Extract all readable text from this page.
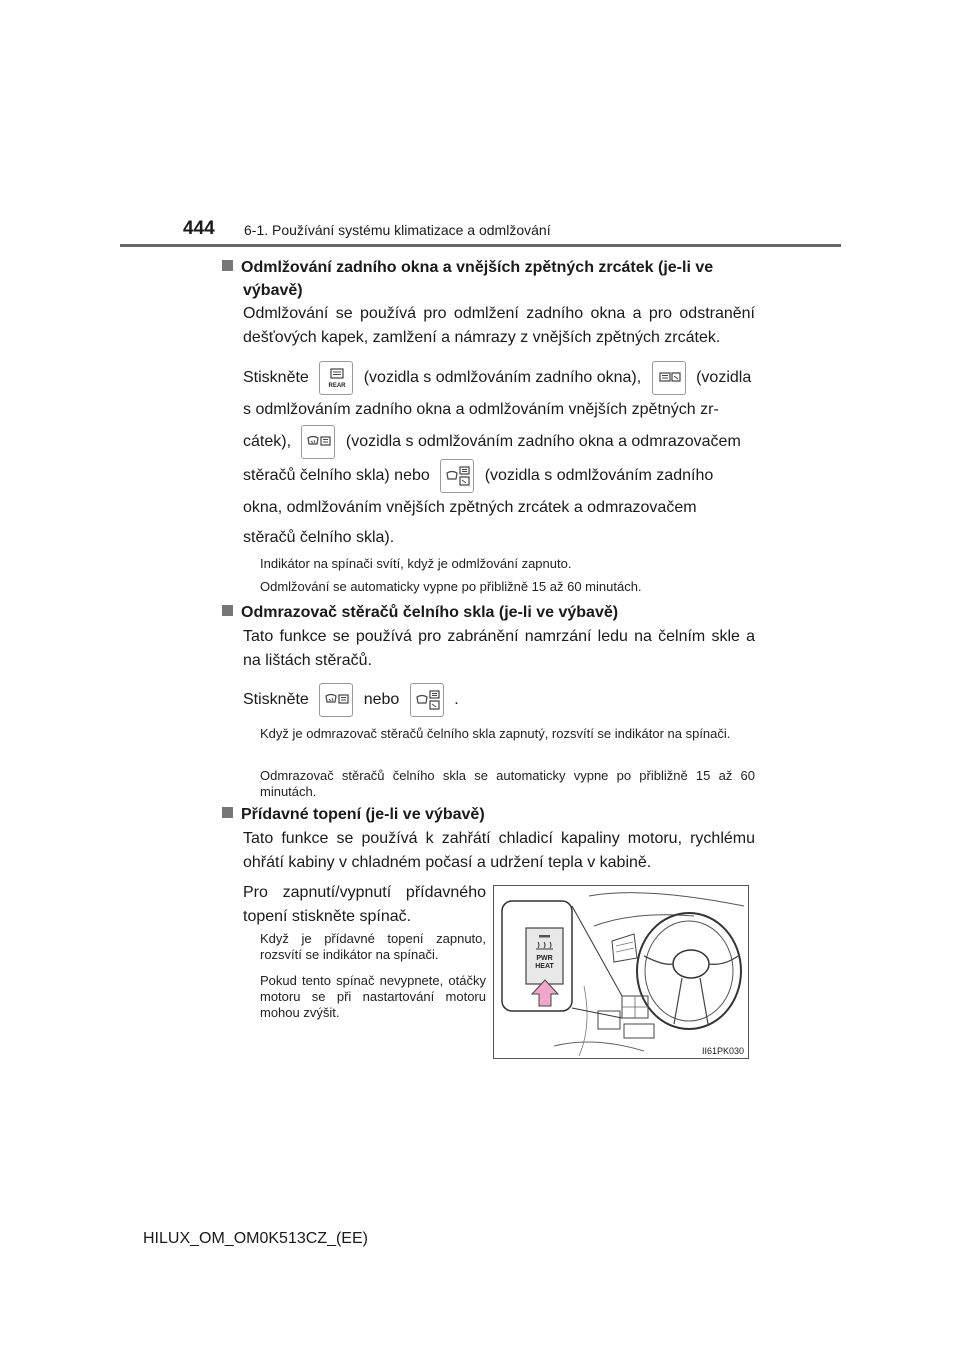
444 6-1. Používání systému klimatizace a odmlžování
Odmlžování zadního okna a vnějších zpětných zrcátek (je-li ve
výbavě)
Odmlžování se používá pro odmlžení zadního okna a pro odstranění dešťových kapek, zamlžení a námrazy z vnějších zpětných zrcátek.
Stiskněte	REAR (vozidla s odmlžováním zadního okna),	(vozidla
s odmlžováním zadního okna a odmlžováním vnějších zpětných zr-
cátek),	(vozidla s odmlžováním zadního okna a odmrazovačem
stěračů čelního skla) nebo	(vozidla s odmlžováním zadního
okna, odmlžováním vnějších zpětných zrcátek a odmrazovačem
stěračů čelního skla).
Indikátor na spínači svítí, když je odmlžování zapnuto.
Odmlžování se automaticky vypne po přibližně 15 až 60 minutách.
Odmrazovač stěračů čelního skla (je-li ve výbavě)
Tato funkce se používá pro zabránění namrzání ledu na čelním skle a na lištách stěračů.
Stiskněte	nebo	.
Když je odmrazovač stěračů čelního skla zapnutý, rozsvítí se indikátor na spínači.
Odmrazovač stěračů čelního skla se automaticky vypne po přibližně 15 až 60 minutách.
Přídavné topení (je-li ve výbavě)
Tato funkce se používá k zahřátí chladicí kapaliny motoru, rychlému ohřátí kabiny v chladném počasí a udržení tepla v kabině.
Pro zapnutí/vypnutí přídavného topení stiskněte spínač.
Když je přídavné topení zapnuto, rozsvítí se indikátor na spínači.
Pokud tento spínač nevypnete, otáčky motoru se při nastartování motoru mohou zvýšit.
PWR
HEAT
II61PK030
HILUX_OM_OM0K513CZ_(EE)
